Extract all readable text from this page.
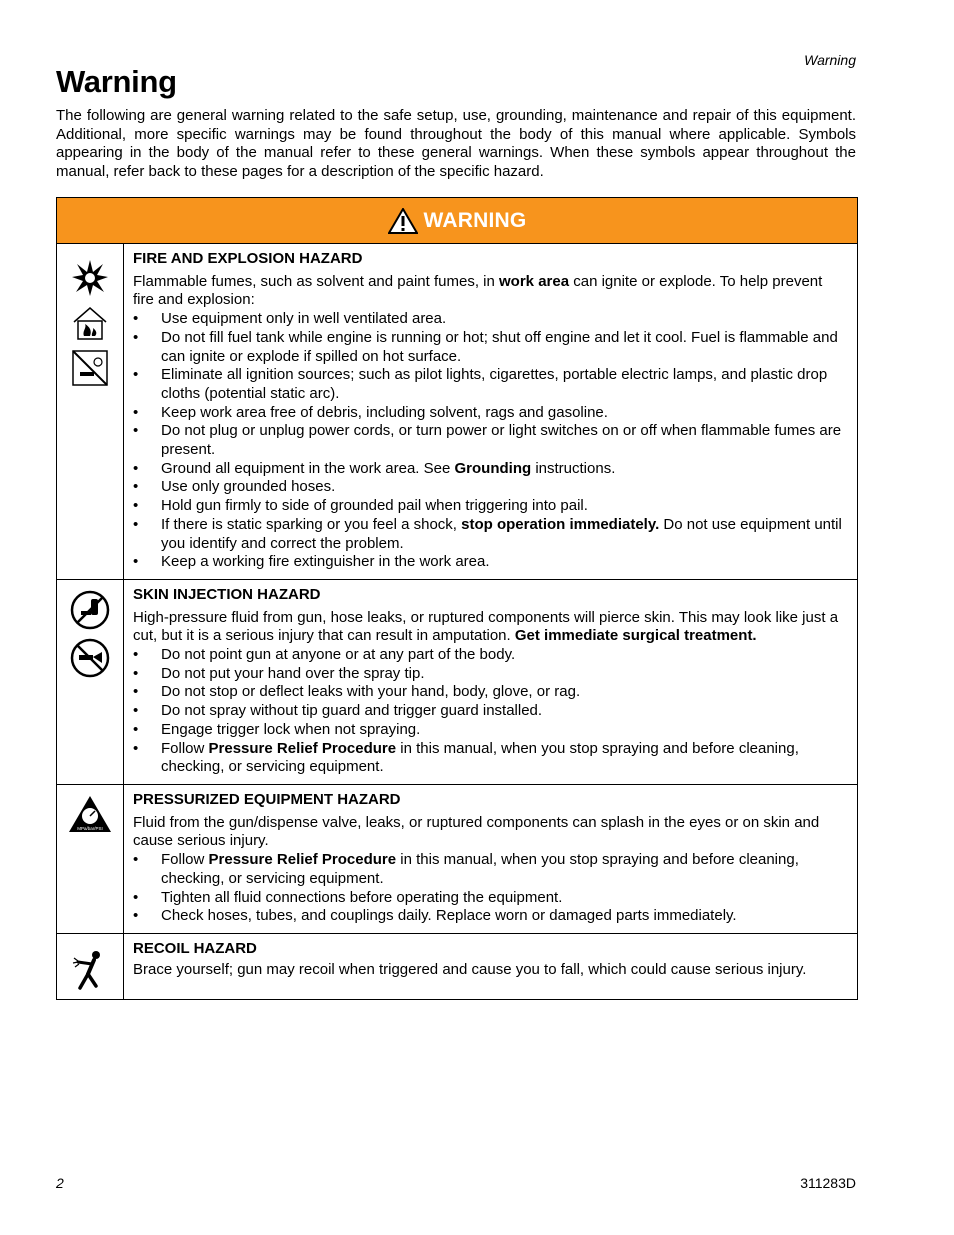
Warning
Warning

The following are general warning related to the safe setup, use, grounding, maintenance and repair of this equipment. Additional, more specific warnings may be found throughout the body of this manual where applicable. Symbols appearing in the body of the manual refer to these general warnings. When these symbols appear throughout the manual, refer back to these pages for a description of the specific hazard.

WARNING
FIRE AND EXPLOSION HAZARD

Flammable fumes, such as solvent and paint fumes, in work area can ignite or explode. To help prevent fire and explosion:

• Use equipment only in well ventilated area.
• Do not fill fuel tank while engine is running or hot; shut off engine and let it cool. Fuel is flammable and can ignite or explode if spilled on hot surface.
• Eliminate all ignition sources; such as pilot lights, cigarettes, portable electric lamps, and plastic drop cloths (potential static arc).
• Keep work area free of debris, including solvent, rags and gasoline.
• Do not plug or unplug power cords, or turn power or light switches on or off when flammable fumes are present.
• Ground all equipment in the work area. See Grounding instructions.
• Use only grounded hoses.
• Hold gun firmly to side of grounded pail when triggering into pail.
• If there is static sparking or you feel a shock, stop operation immediately. Do not use equipment until you identify and correct the problem.
• Keep a working fire extinguisher in the work area.
SKIN INJECTION HAZARD

High-pressure fluid from gun, hose leaks, or ruptured components will pierce skin. This may look like just a cut, but it is a serious injury that can result in amputation. Get immediate surgical treatment.

• Do not point gun at anyone or at any part of the body.
• Do not put your hand over the spray tip.
• Do not stop or deflect leaks with your hand, body, glove, or rag.
• Do not spray without tip guard and trigger guard installed.
• Engage trigger lock when not spraying.
• Follow Pressure Relief Procedure in this manual, when you stop spraying and before cleaning, checking, or servicing equipment.
MPa/bar/PSI
PRESSURIZED EQUIPMENT HAZARD

Fluid from the gun/dispense valve, leaks, or ruptured components can splash in the eyes or on skin and cause serious injury.

• Follow Pressure Relief Procedure in this manual, when you stop spraying and before cleaning, checking, or servicing equipment.
• Tighten all fluid connections before operating the equipment.
• Check hoses, tubes, and couplings daily. Replace worn or damaged parts immediately.
RECOIL HAZARD

Brace yourself; gun may recoil when triggered and cause you to fall, which could cause serious injury.

2	311283D
